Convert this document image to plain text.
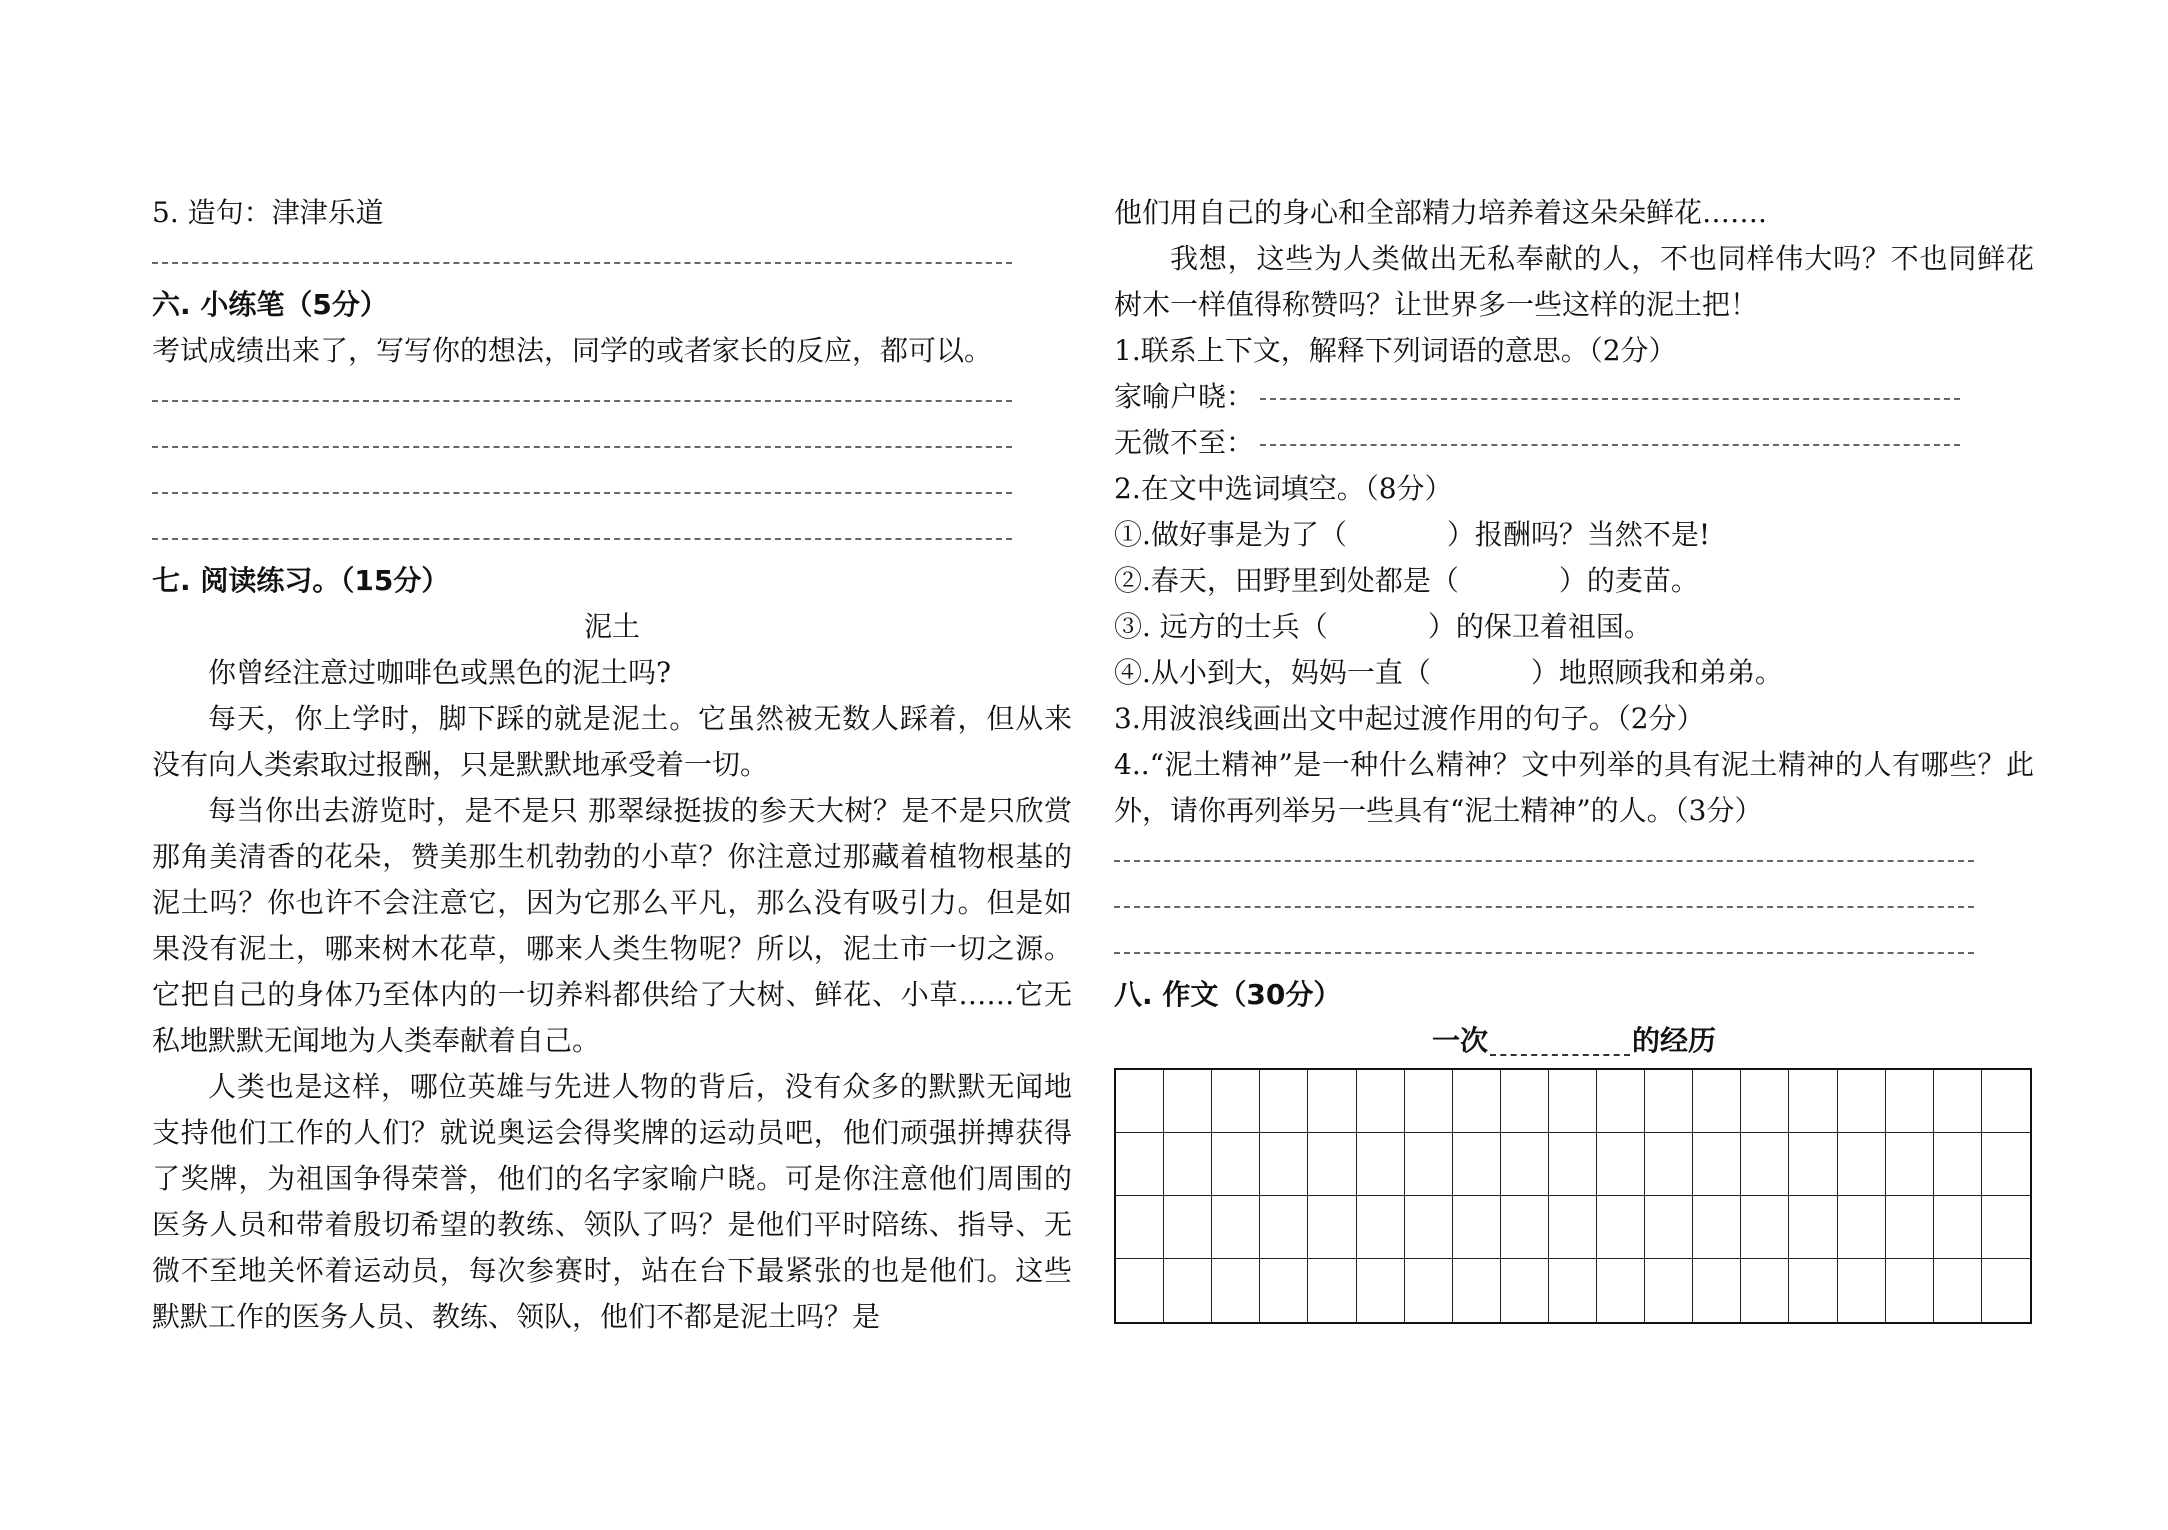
5. 造句：津津乐道
六. 小练笔（5分）
考试成绩出来了，写写你的想法，同学的或者家长的反应，都可以。
七. 阅读练习。（15分）
泥土
你曾经注意过咖啡色或黑色的泥土吗?
每天，你上学时，脚下踩的就是泥土。它虽然被无数人踩着，但从来没有向人类索取过报酬，只是默默地承受着一切。
每当你出去游览时，是不是只 那翠绿挺拔的参天大树？是不是只欣赏那角美清香的花朵，赞美那生机勃勃的小草？你注意过那藏着植物根基的泥土吗？你也许不会注意它，因为它那么平凡，那么没有吸引力。但是如果没有泥土，哪来树木花草，哪来人类生物呢？所以，泥土市一切之源。它把自己的身体乃至体内的一切养料都供给了大树、鲜花、小草……它无私地默默无闻地为人类奉献着自己。
人类也是这样，哪位英雄与先进人物的背后，没有众多的默默无闻地支持他们工作的人们？就说奥运会得奖牌的运动员吧，他们顽强拼搏获得了奖牌，为祖国争得荣誉，他们的名字家喻户晓。可是你注意他们周围的医务人员和带着殷切希望的教练、领队了吗？是他们平时陪练、指导、无微不至地关怀着运动员，每次参赛时，站在台下最紧张的也是他们。这些默默工作的医务人员、教练、领队，他们不都是泥土吗？是
他们用自己的身心和全部精力培养着这朵朵鲜花…….
我想，这些为人类做出无私奉献的人，不也同样伟大吗？不也同鲜花树木一样值得称赞吗？让世界多一些这样的泥土把！
1.联系上下文，解释下列词语的意思。（2分）
家喻户晓：
无微不至：
2.在文中选词填空。（8分）
①.做好事是为了（	）报酬吗？当然不是!
②.春天，田野里到处都是（	）的麦苗。
③. 远方的士兵（	）的保卫着祖国。
④.从小到大，妈妈一直（	）地照顾我和弟弟。
3.用波浪线画出文中起过渡作用的句子。（2分）
4..“泥土精神”是一种什么精神？文中列举的具有泥土精神的人有哪些？此外，请你再列举另一些具有“泥土精神”的人。（3分）
八. 作文（30分）
一次	的经历
